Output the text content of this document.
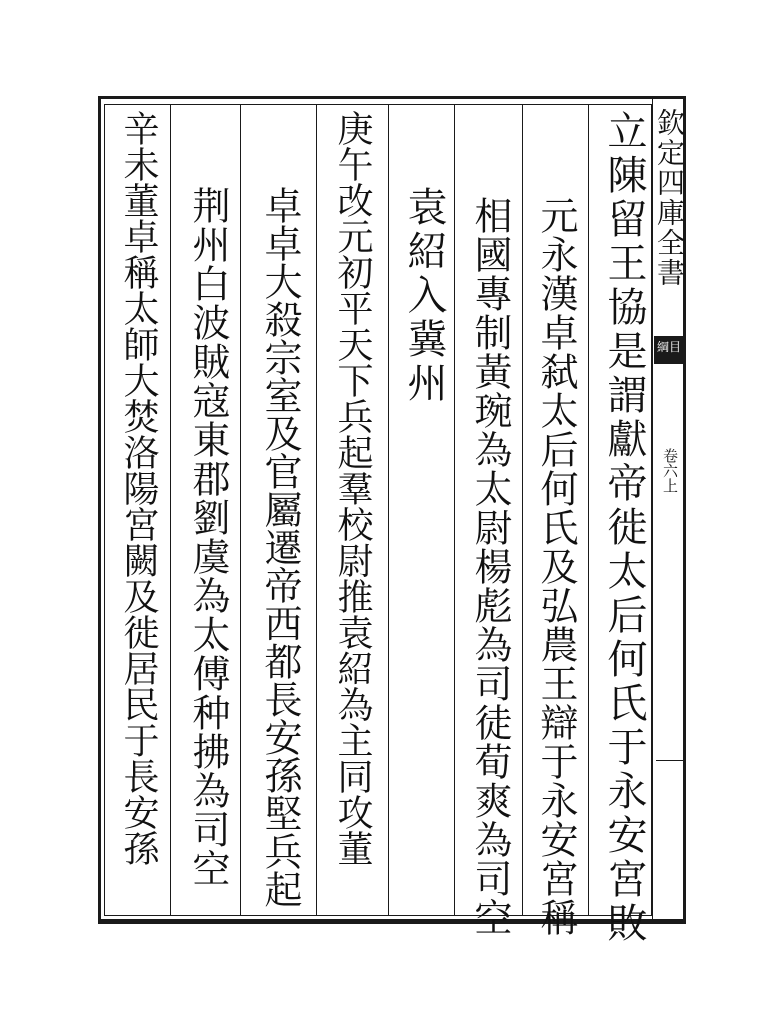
欽定四庫全書
綱目
卷六上
立陳留王協是謂獻帝徙太后何氏于永安宮敗
元永漢卓弑太后何氏及弘農王辯于永安宮稱
相國專制黃琬為太尉楊彪為司徒荀爽為司空
袁紹入冀州
庚午改元初平天下兵起羣校尉推袁紹為主同攻董
卓卓大殺宗室及官屬遷帝西都長安孫堅兵起
荆州白波賊寇東郡劉虞為太傅种拂為司空
辛未董卓稱太師大焚洛陽宮闕及徙居民于長安孫
